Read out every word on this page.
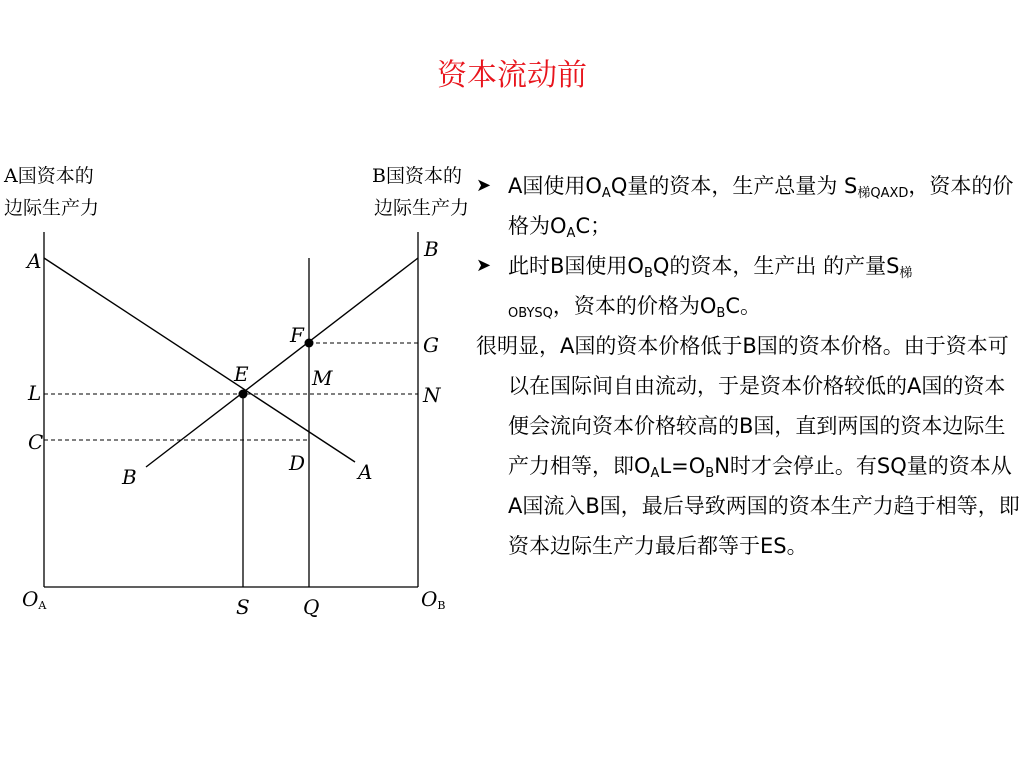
资本流动前
A国资本的
边际生产力
B国资本的
边际生产力
A	B
F	G
E	M
L	N
C
D
B	A
OA	S	Q	OB
➤ A国使用$O_AQ$量的资本，生产总量为 $S_{梯QAXD}$，资本的价格为$O_AC$；
➤ 此时B国使用$O_BQ$的资本，生产出 的产量$S_梯$
$_{OBYSQ}$，资本的价格为$O_BC$。
很明显，A国的资本价格低于B国的资本价格。由于资本可以在国际间自由流动，于是资本价格较低的A国的资本便会流向资本价格较高的B国，直到两国的资本边际生产力相等，即$O_AL=O_BN$时才会停止。有SQ量的资本从A国流入B国，最后导致两国的资本生产力趋于相等，即资本边际生产力最后都等于ES。
